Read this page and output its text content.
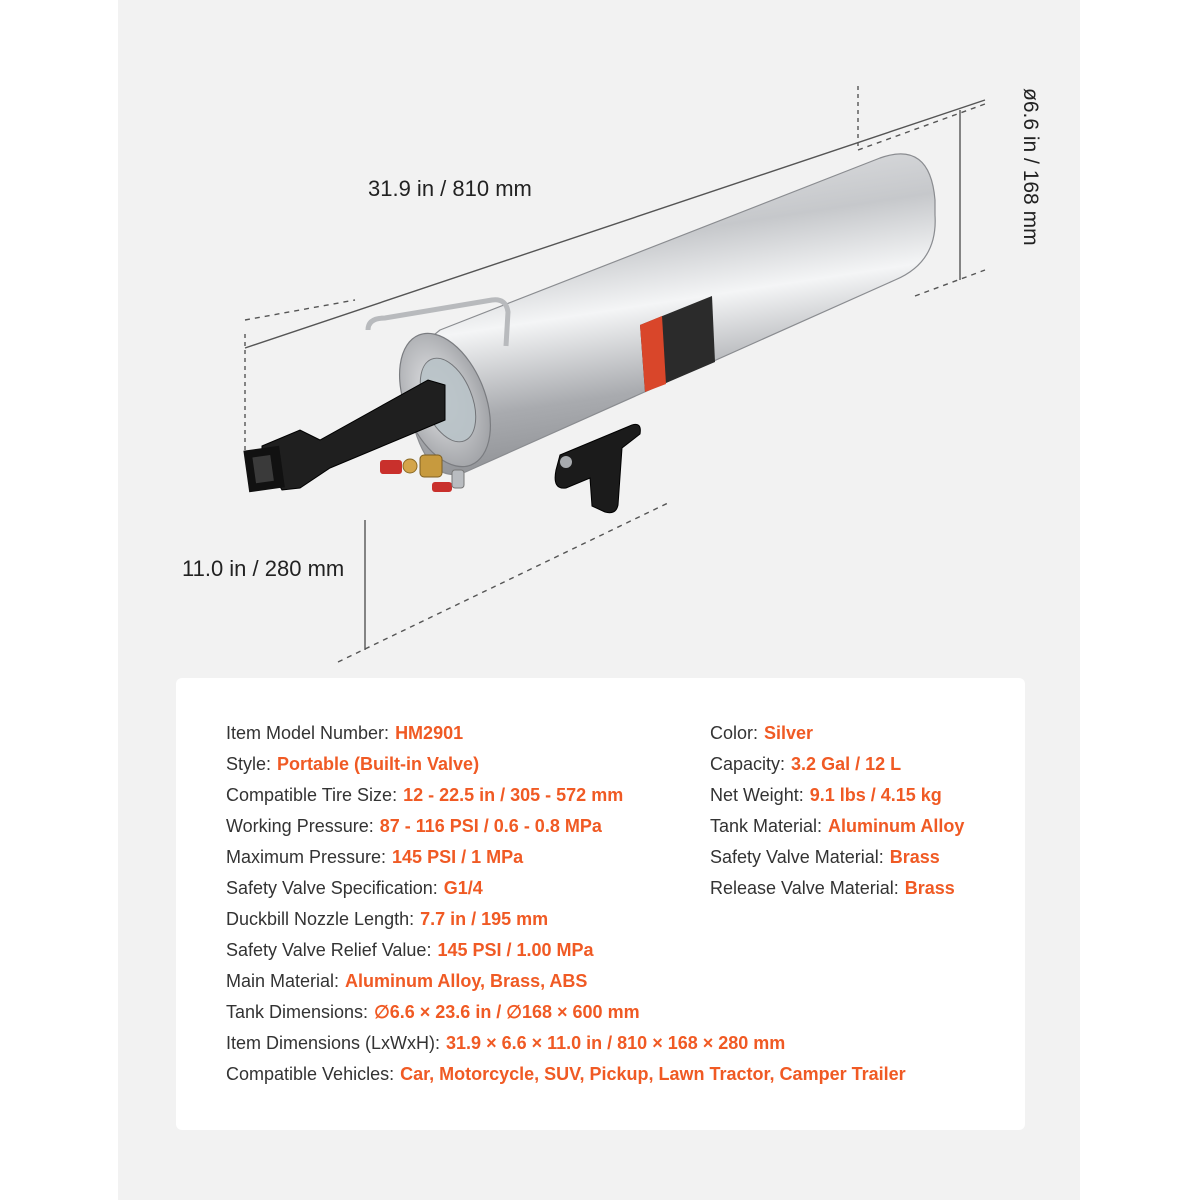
31.9 in / 810 mm
11.0 in / 280 mm
ø6.6 in / 168 mm
Item Model Number: HM2901
Style: Portable (Built-in Valve)
Compatible Tire Size: 12 - 22.5 in / 305 - 572 mm
Working Pressure: 87 - 116 PSI / 0.6 - 0.8 MPa
Maximum Pressure: 145 PSI / 1 MPa
Safety Valve Specification: G1/4
Duckbill Nozzle Length: 7.7 in / 195 mm
Safety Valve Relief Value: 145 PSI / 1.00 MPa
Main Material: Aluminum Alloy, Brass, ABS
Tank Dimensions: ∅6.6 × 23.6 in / ∅168 × 600 mm
Item Dimensions (LxWxH): 31.9 × 6.6 × 11.0 in / 810 × 168 × 280 mm
Compatible Vehicles: Car, Motorcycle, SUV, Pickup, Lawn Tractor, Camper Trailer
Color: Silver
Capacity: 3.2 Gal / 12 L
Net Weight: 9.1 lbs / 4.15 kg
Tank Material: Aluminum Alloy
Safety Valve Material: Brass
Release Valve Material: Brass
